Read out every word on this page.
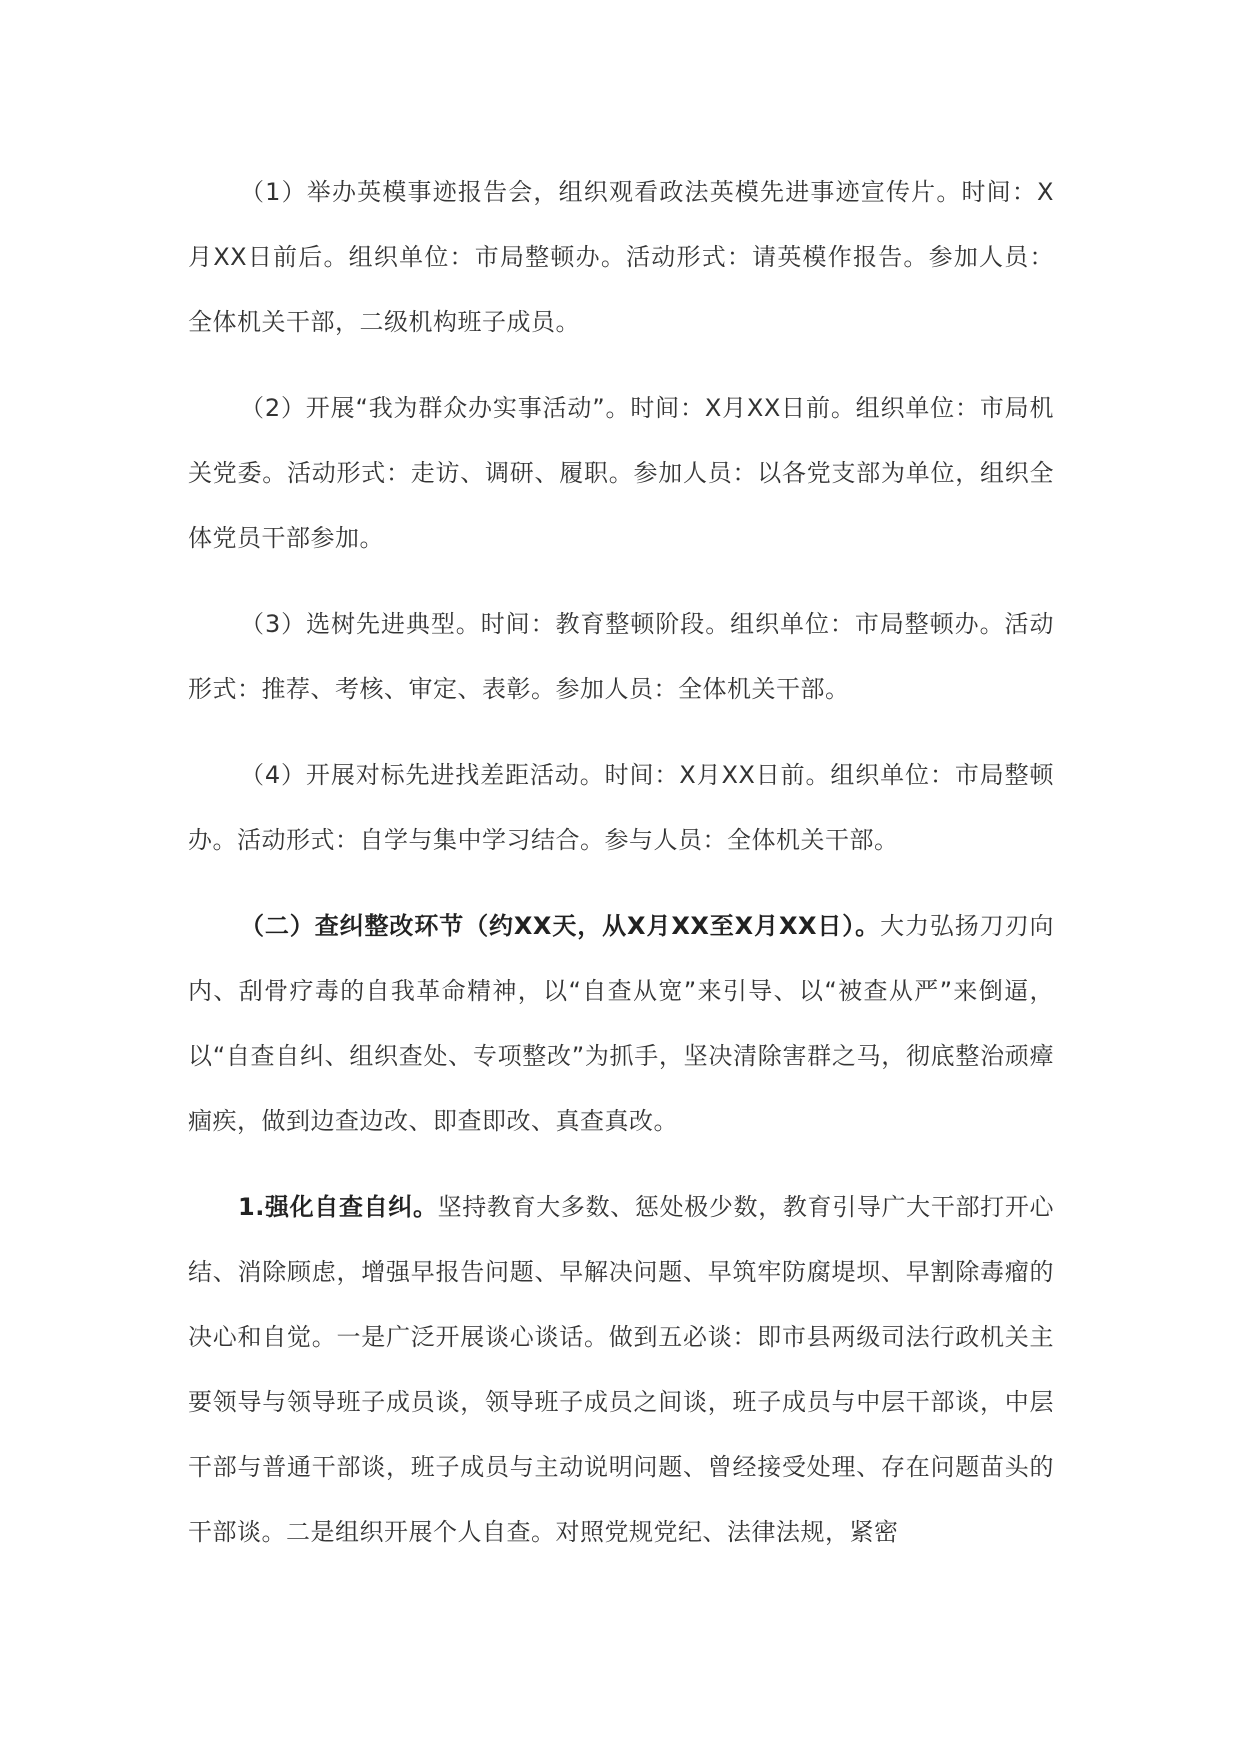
（1）举办英模事迹报告会，组织观看政法英模先进事迹宣传片。时间：X月XX日前后。组织单位：市局整顿办。活动形式：请英模作报告。参加人员：全体机关干部，二级机构班子成员。

（2）开展“我为群众办实事活动”。时间：X月XX日前。组织单位：市局机关党委。活动形式：走访、调研、履职。参加人员：以各党支部为单位，组织全体党员干部参加。

（3）选树先进典型。时间：教育整顿阶段。组织单位：市局整顿办。活动形式：推荐、考核、审定、表彰。参加人员：全体机关干部。

（4）开展对标先进找差距活动。时间：X月XX日前。组织单位：市局整顿办。活动形式：自学与集中学习结合。参与人员：全体机关干部。

（二）查纠整改环节（约XX天，从X月XX至X月XX日）。大力弘扬刀刃向内、刮骨疗毒的自我革命精神，以“自查从宽”来引导、以“被查从严”来倒逼，以“自查自纠、组织查处、专项整改”为抓手，坚决清除害群之马，彻底整治顽瘴痼疾，做到边查边改、即查即改、真查真改。

1.强化自查自纠。坚持教育大多数、惩处极少数，教育引导广大干部打开心结、消除顾虑，增强早报告问题、早解决问题、早筑牢防腐堤坝、早割除毒瘤的决心和自觉。一是广泛开展谈心谈话。做到五必谈：即市县两级司法行政机关主要领导与领导班子成员谈，领导班子成员之间谈，班子成员与中层干部谈，中层干部与普通干部谈，班子成员与主动说明问题、曾经接受处理、存在问题苗头的干部谈。二是组织开展个人自查。对照党规党纪、法律法规，紧密
